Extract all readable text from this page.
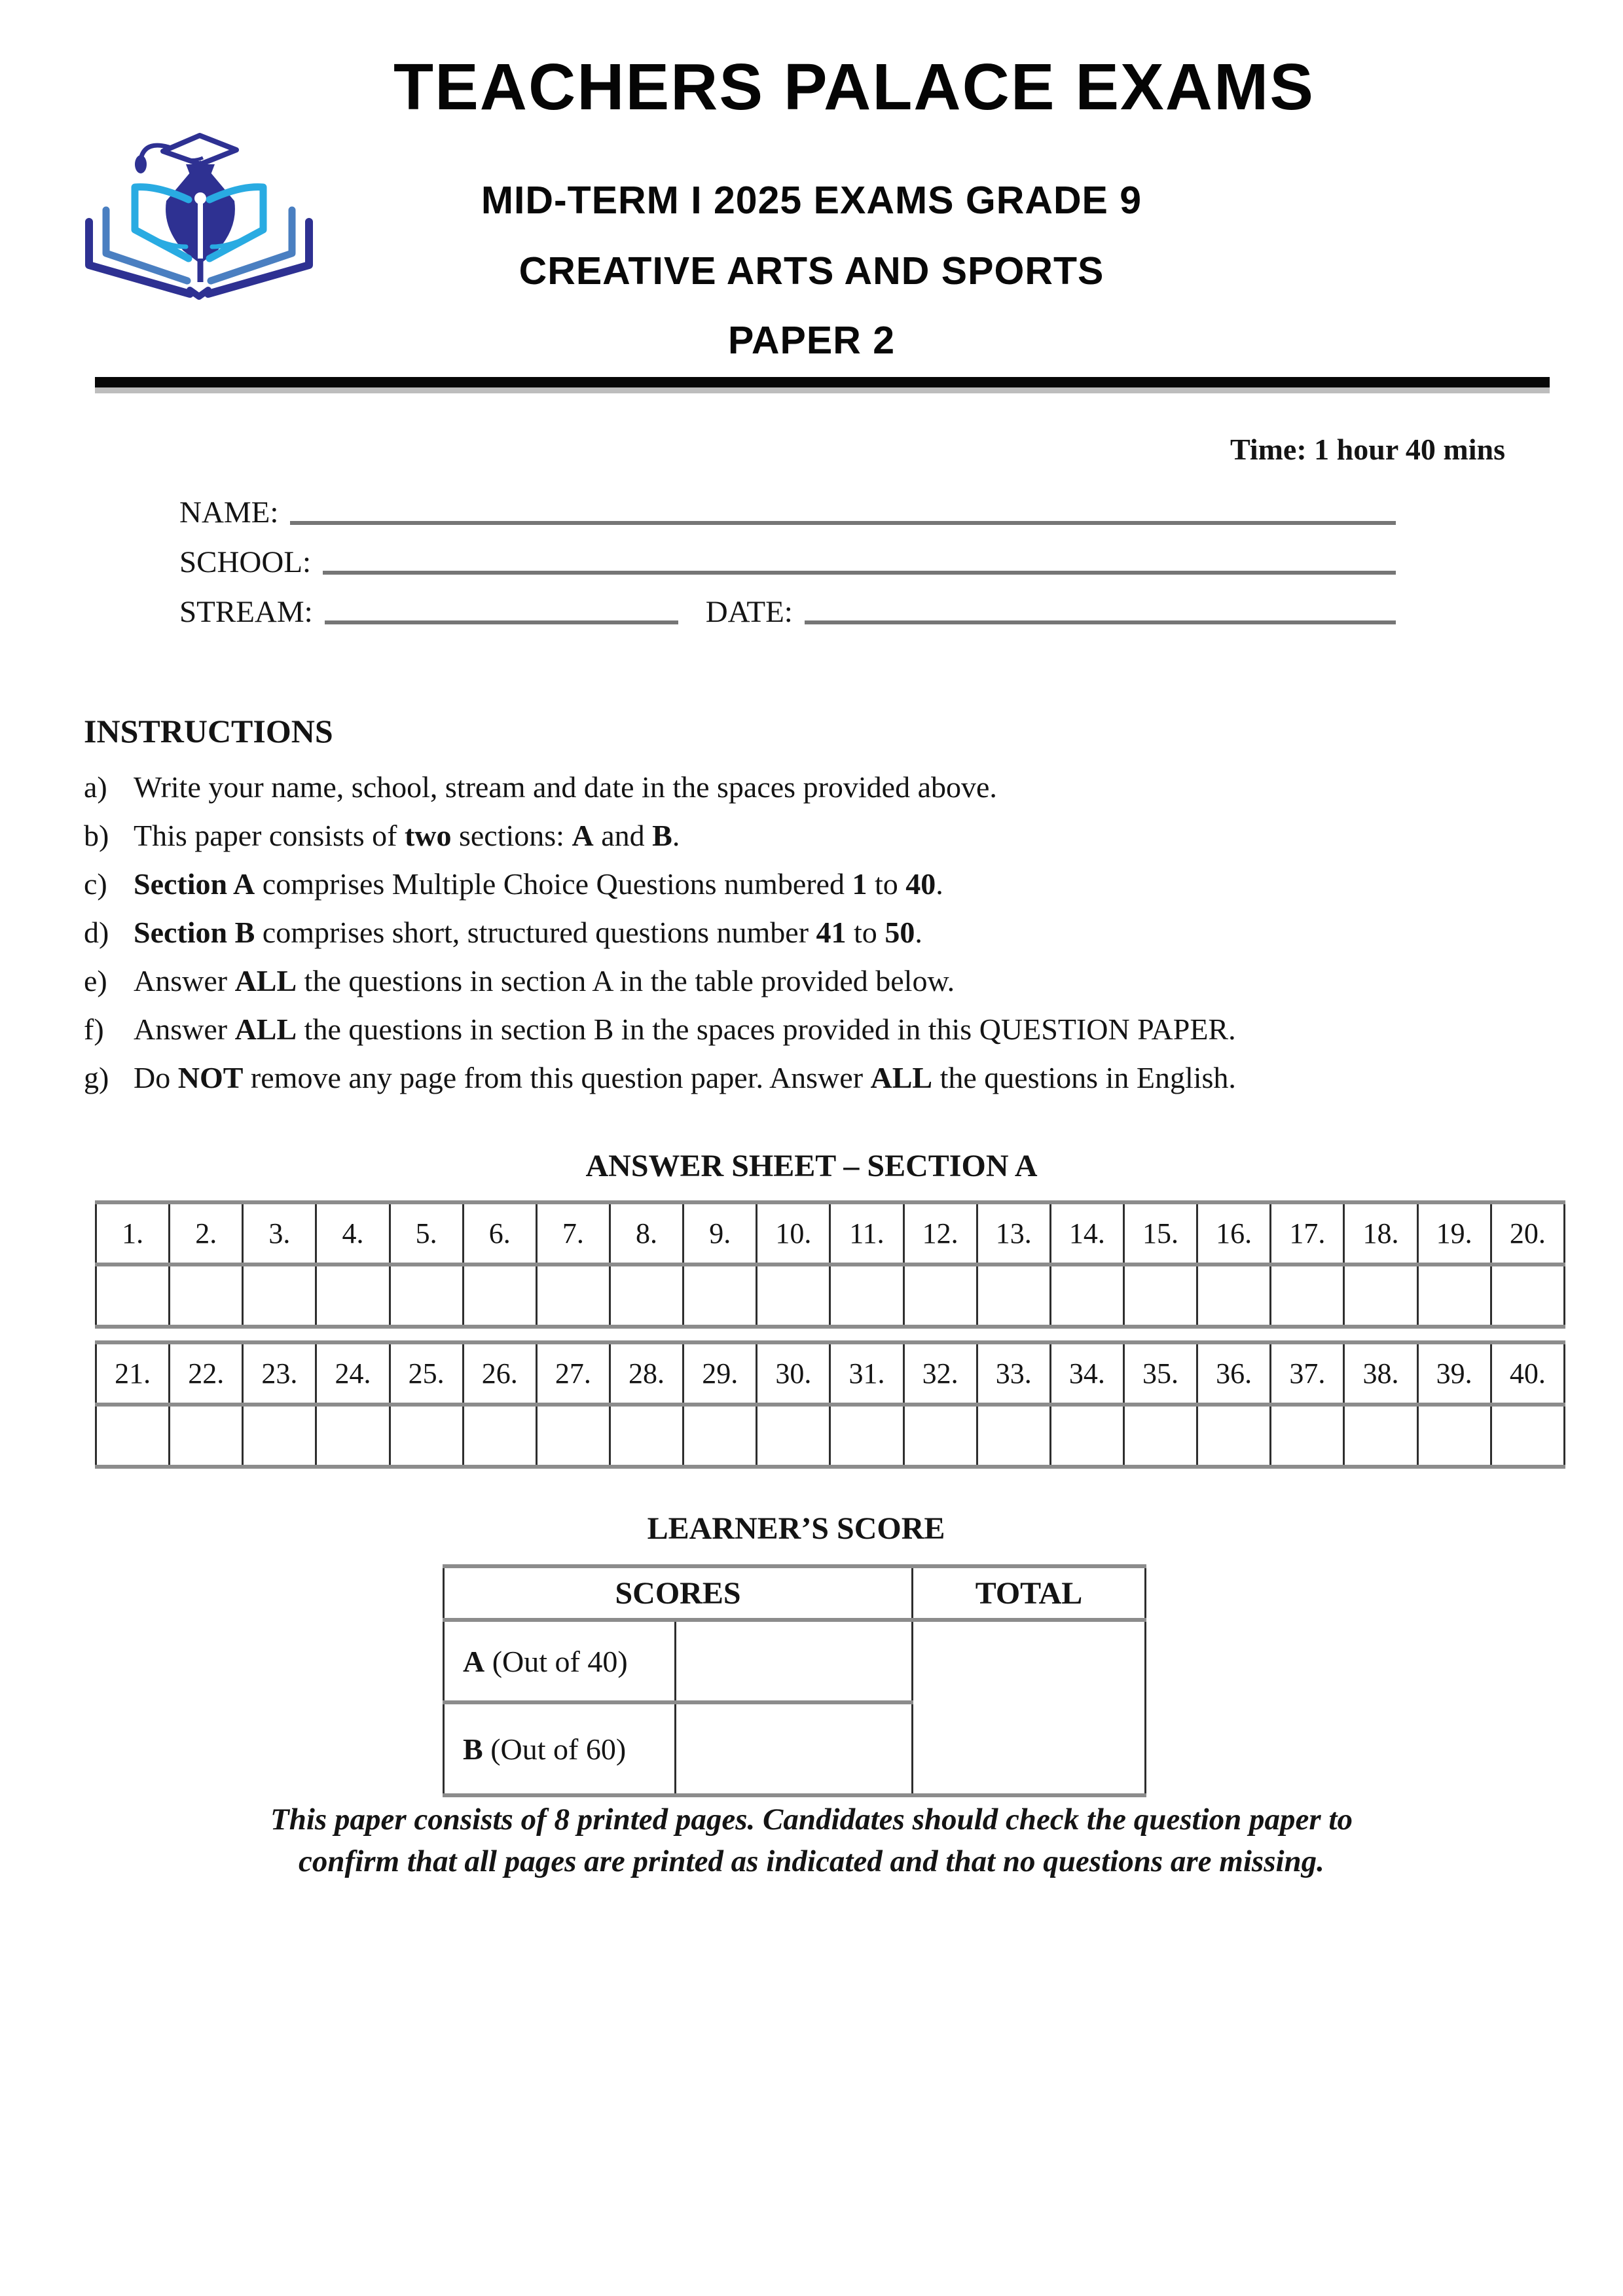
TEACHERS PALACE EXAMS
MID-TERM I 2025 EXAMS GRADE 9
CREATIVE ARTS AND SPORTS
PAPER 2
Time: 1 hour 40 mins
NAME:
SCHOOL:
STREAM:	DATE:
INSTRUCTIONS
a) Write your name, school, stream and date in the spaces provided above.
b) This paper consists of two sections: A and B.
c) Section A comprises Multiple Choice Questions numbered 1 to 40.
d) Section B comprises short, structured questions number 41 to 50.
e) Answer ALL the questions in section A in the table provided below.
f) Answer ALL the questions in section B in the spaces provided in this QUESTION PAPER.
g) Do NOT remove any page from this question paper. Answer ALL the questions in English.
ANSWER SHEET – SECTION A
1.	2.	3.	4.	5.	6.	7.	8.	9.	10.	11.	12.	13.	14.	15.	16.	17.	18.	19.	20.

21.	22.	23.	24.	25.	26.	27.	28.	29.	30.	31.	32.	33.	34.	35.	36.	37.	38.	39.	40.

LEARNER’S SCORE
SCORES		TOTAL
A (Out of 40)		
B (Out of 60)		
This paper consists of 8 printed pages. Candidates should check the question paper to
confirm that all pages are printed as indicated and that no questions are missing.
